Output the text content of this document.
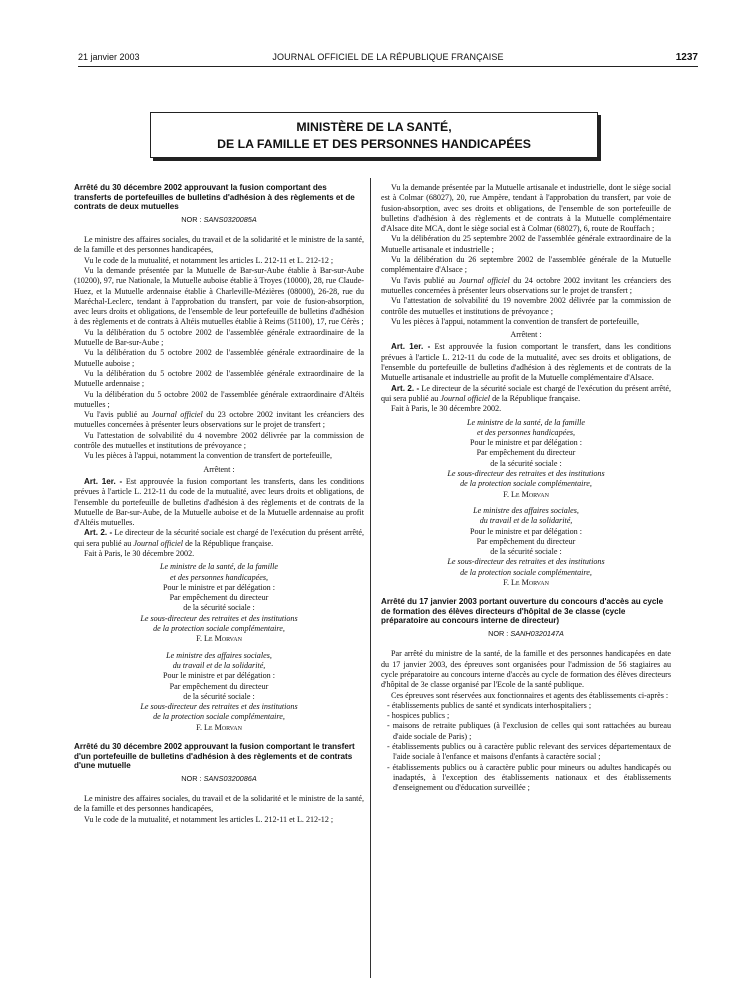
21 janvier 2003	JOURNAL OFFICIEL DE LA RÉPUBLIQUE FRANÇAISE	1237
MINISTÈRE DE LA SANTÉ,
DE LA FAMILLE ET DES PERSONNES HANDICAPÉES
Arrêté du 30 décembre 2002 approuvant la fusion comportant des transferts de portefeuilles de bulletins d'adhésion à des règlements et de contrats de deux mutuelles
NOR : SANS0320085A

Le ministre des affaires sociales, du travail et de la solidarité et le ministre de la santé, de la famille et des personnes handicapées,

Vu le code de la mutualité, et notamment les articles L. 212-11 et L. 212-12 ;

Vu la demande présentée par la Mutuelle de Bar-sur-Aube établie à Bar-sur-Aube (10200), 97, rue Nationale, la Mutuelle auboise établie à Troyes (10000), 28, rue Claude-Huez, et la Mutuelle ardennaise établie à Charleville-Mézières (08000), 26-28, rue du Maréchal-Leclerc, tendant à l'approbation du transfert, par voie de fusion-absorption, avec leurs droits et obligations, de l'ensemble de leur portefeuille de bulletins d'adhésion à des règlements et de contrats à Altéis mutuelles établie à Reims (51100), 17, rue Cérès ;

Vu la délibération du 5 octobre 2002 de l'assemblée générale extraordinaire de la Mutuelle de Bar-sur-Aube ;

Vu la délibération du 5 octobre 2002 de l'assemblée générale extraordinaire de la Mutuelle auboise ;

Vu la délibération du 5 octobre 2002 de l'assemblée générale extraordinaire de la Mutuelle ardennaise ;

Vu la délibération du 5 octobre 2002 de l'assemblée générale extraordinaire d'Altéis mutuelles ;

Vu l'avis publié au Journal officiel du 23 octobre 2002 invitant les créanciers des mutuelles concernées à présenter leurs observations sur le projet de transfert ;

Vu l'attestation de solvabilité du 4 novembre 2002 délivrée par la commission de contrôle des mutuelles et institutions de prévoyance ;

Vu les pièces à l'appui, notamment la convention de transfert de portefeuille,

Arrêtent :

Art. 1er. - Est approuvée la fusion comportant les transferts, dans les conditions prévues à l'article L. 212-11 du code de la mutualité, avec leurs droits et obligations, de l'ensemble du portefeuille de bulletins d'adhésion à des règlements et de contrats de la Mutuelle de Bar-sur-Aube, de la Mutuelle auboise et de la Mutuelle ardennaise au profit d'Altéis mutuelles.

Art. 2. - Le directeur de la sécurité sociale est chargé de l'exécution du présent arrêté, qui sera publié au Journal officiel de la République française.

Fait à Paris, le 30 décembre 2002.

Le ministre de la santé, de la famille
et des personnes handicapées,
Pour le ministre et par délégation :
Par empêchement du directeur
de la sécurité sociale :
Le sous-directeur des retraites et des institutions
de la protection sociale complémentaire,
F. Le Morvan
Le ministre des affaires sociales,
du travail et de la solidarité,
Pour le ministre et par délégation :
Par empêchement du directeur
de la sécurité sociale :
Le sous-directeur des retraites et des institutions
de la protection sociale complémentaire,
F. Le Morvan
Arrêté du 30 décembre 2002 approuvant la fusion comportant le transfert d'un portefeuille de bulletins d'adhésion à des règlements et de contrats d'une mutuelle
NOR : SANS0320086A

Le ministre des affaires sociales, du travail et de la solidarité et le ministre de la santé, de la famille et des personnes handicapées,

Vu le code de la mutualité, et notamment les articles L. 212-11 et L. 212-12 ;

Vu la demande présentée par la Mutuelle artisanale et industrielle, dont le siège social est à Colmar (68027), 20, rue Ampère, tendant à l'approbation du transfert, par voie de fusion-absorption, avec ses droits et obligations, de l'ensemble de son portefeuille de bulletins d'adhésion à des règlements et de contrats à la Mutuelle complémentaire d'Alsace dite MCA, dont le siège social est à Colmar (68027), 6, route de Rouffach ;

Vu la délibération du 25 septembre 2002 de l'assemblée générale extraordinaire de la Mutuelle artisanale et industrielle ;

Vu la délibération du 26 septembre 2002 de l'assemblée générale de la Mutuelle complémentaire d'Alsace ;

Vu l'avis publié au Journal officiel du 24 octobre 2002 invitant les créanciers des mutuelles concernées à présenter leurs observations sur le projet de transfert ;

Vu l'attestation de solvabilité du 19 novembre 2002 délivrée par la commission de contrôle des mutuelles et institutions de prévoyance ;

Vu les pièces à l'appui, notamment la convention de transfert de portefeuille,

Arrêtent :

Art. 1er. - Est approuvée la fusion comportant le transfert, dans les conditions prévues à l'article L. 212-11 du code de la mutualité, avec ses droits et obligations, de l'ensemble du portefeuille de bulletins d'adhésion à des règlements et de contrats de la Mutuelle artisanale et industrielle au profit de la Mutuelle complémentaire d'Alsace.

Art. 2. - Le directeur de la sécurité sociale est chargé de l'exécution du présent arrêté, qui sera publié au Journal officiel de la République française.

Fait à Paris, le 30 décembre 2002.

Le ministre de la santé, de la famille
et des personnes handicapées,
Pour le ministre et par délégation :
Par empêchement du directeur
de la sécurité sociale :
Le sous-directeur des retraites et des institutions
de la protection sociale complémentaire,
F. Le Morvan
Le ministre des affaires sociales,
du travail et de la solidarité,
Pour le ministre et par délégation :
Par empêchement du directeur
de la sécurité sociale :
Le sous-directeur des retraites et des institutions
de la protection sociale complémentaire,
F. Le Morvan
Arrêté du 17 janvier 2003 portant ouverture du concours d'accès au cycle de formation des élèves directeurs d'hôpital de 3e classe (cycle préparatoire au concours interne de directeur)
NOR : SANH0320147A

Par arrêté du ministre de la santé, de la famille et des personnes handicapées en date du 17 janvier 2003, des épreuves sont organisées pour l'admission de 56 stagiaires au cycle préparatoire au concours interne d'accès au cycle de formation des élèves directeurs d'hôpital de 3e classe organisé par l'Ecole de la santé publique.

Ces épreuves sont réservées aux fonctionnaires et agents des établissements ci-après :

- établissements publics de santé et syndicats interhospitaliers ;
- hospices publics ;
- maisons de retraite publiques (à l'exclusion de celles qui sont rattachées au bureau d'aide sociale de Paris) ;
- établissements publics ou à caractère public relevant des services départementaux de l'aide sociale à l'enfance et maisons d'enfants à caractère social ;
- établissements publics ou à caractère public pour mineurs ou adultes handicapés ou inadaptés, à l'exception des établissements nationaux et des établissements d'enseignement ou d'éducation surveillée ;
